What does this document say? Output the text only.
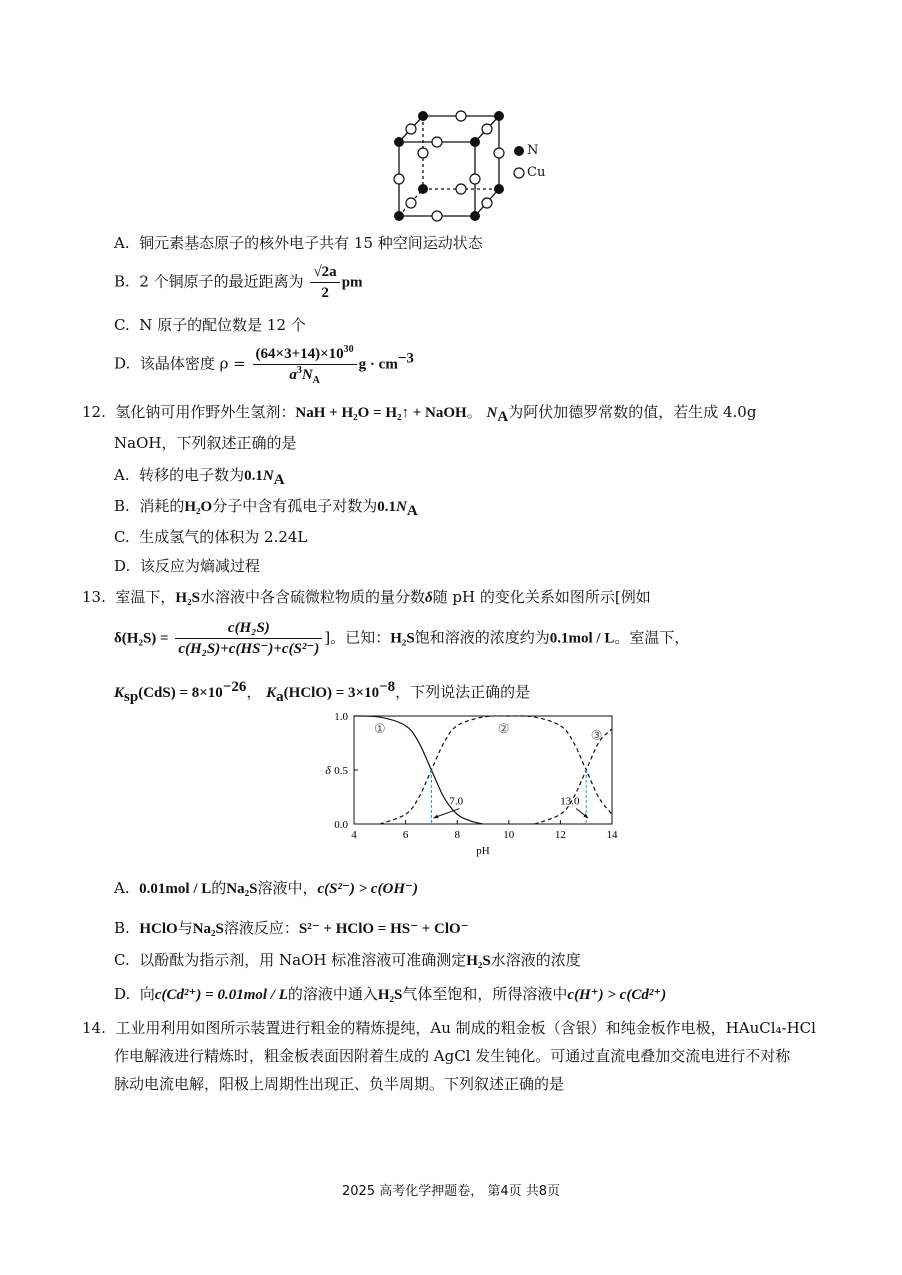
N
Cu
A. 铜元素基态原子的核外电子共有 15 种空间运动状态
B. 2 个铜原子的最近距离为 $\frac{√2a}{2}$ pm
C. N 原子的配位数是 12 个
D. 该晶体密度 $\rho = \frac{(64\times 3+14)\times 10^{30}}{a^3N_A}$ $g \cdot cm^{-3}$
12. 氢化钠可用作野外生氢剂：NaH + H₂O = H₂↑ + NaOH。 $N_A$为阿伏加德罗常数的值，若生成 4.0g
NaOH，下列叙述正确的是
A. 转移的电子数为$0.1N_A$
B. 消耗的H₂O分子中含有孤电子对数为$0.1N_A$
C. 生成氢气的体积为 2.24L
D. 该反应为熵减过程
13. 室温下，H₂S水溶液中各含硫微粒物质的量分数δ随 pH 的变化关系如图所示[例如
$\delta(H_2S) = \frac{\text{c(H₂S)}}{\text{c(H₂S)+c(HS⁻)+c(S²⁻)}}$ ]。已知：H₂S饱和溶液的浓度约为0.1mol / L。室温下，
$K_{sp}(CdS) = 8\times 10^{-26}$， $K_a(HClO) = 3\times 10^{-8}$，下列说法正确的是
4	6	8	10	12	14
0.0
0.5
1.0
pH
δ
①	②	③
7.0	13.0
A. 0.01mol / L的Na₂S溶液中，c(S²⁻) > c(OH⁻)
B. HClO与Na₂S溶液反应：S²⁻ + HClO = HS⁻ + ClO⁻
C. 以酚酞为指示剂，用 NaOH 标准溶液可准确测定H₂S水溶液的浓度
D. 向c(Cd²⁺) = 0.01mol / L的溶液中通入H₂S气体至饱和，所得溶液中c(H⁺) > c(Cd²⁺)
14. 工业用利用如图所示装置进行粗金的精炼提纯，Au 制成的粗金板（含银）和纯金板作电极，HAuCl₄-HCl
作电解液进行精炼时，粗金板表面因附着生成的 AgCl 发生钝化。可通过直流电叠加交流电进行不对称
脉动电流电解，阳极上周期性出现正、负半周期。下列叙述正确的是
2025 高考化学押题卷， 第4页 共8页
